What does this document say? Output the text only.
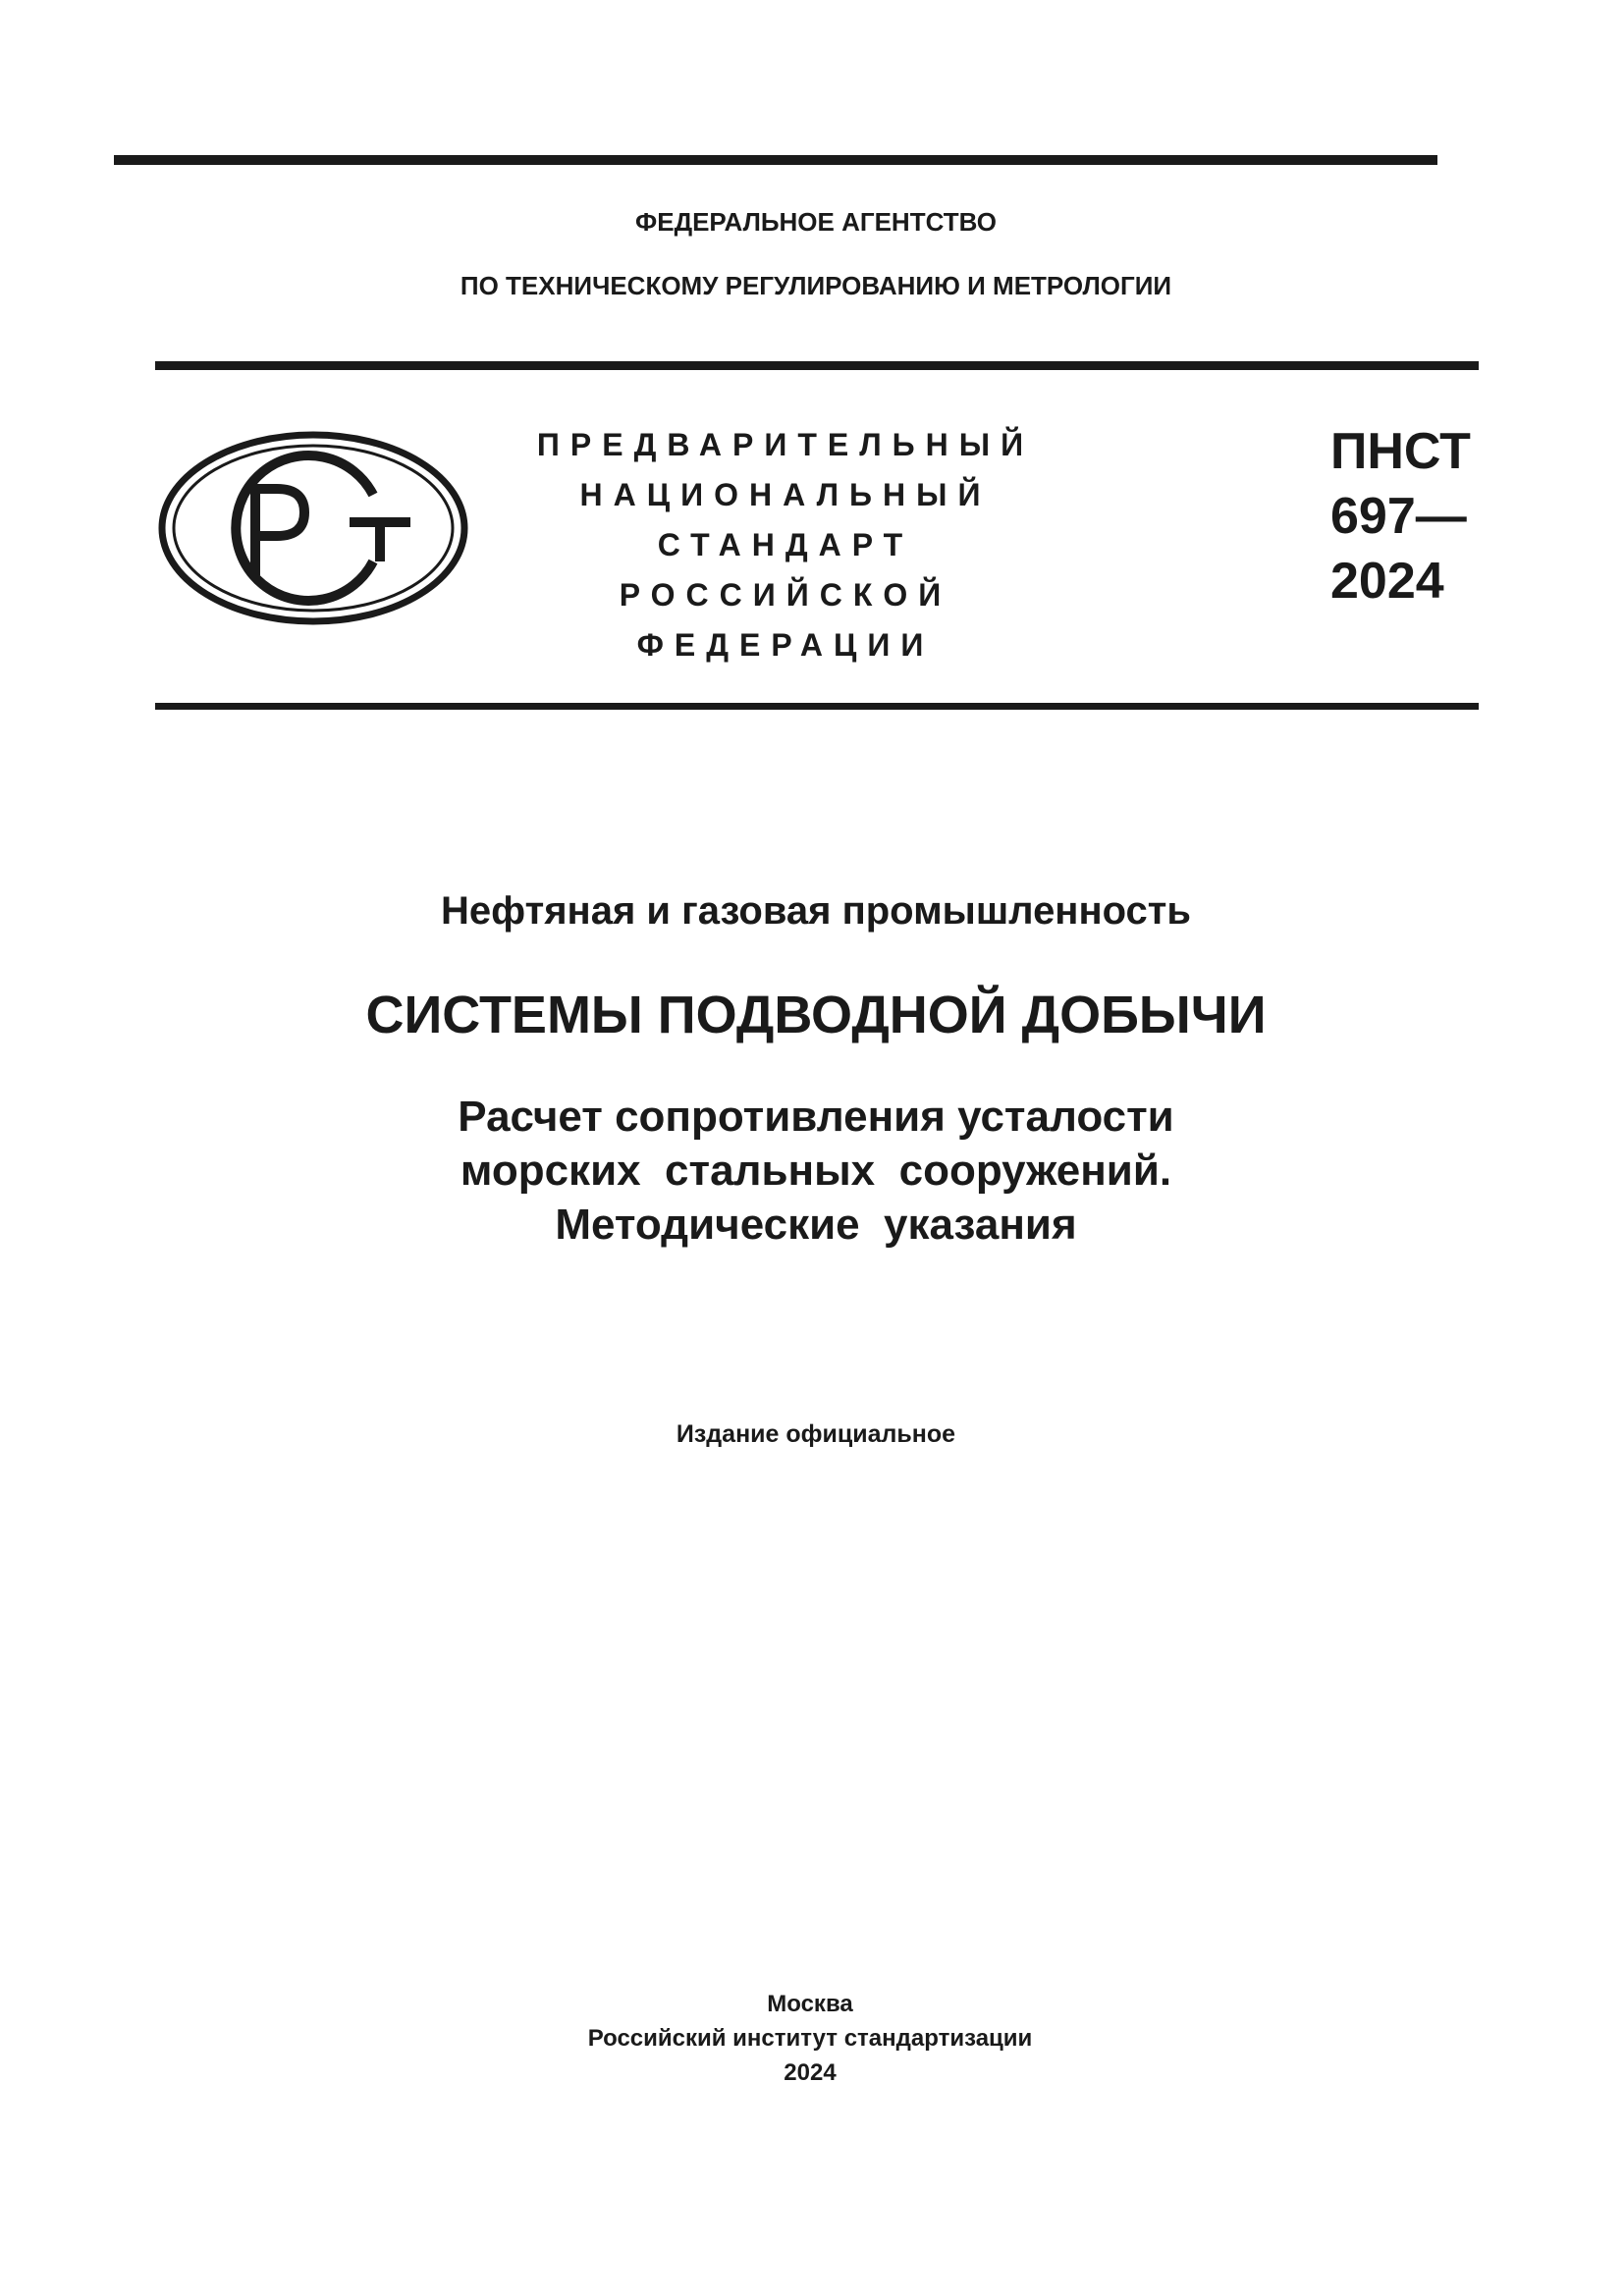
ФЕДЕРАЛЬНОЕ АГЕНТСТВО
ПО ТЕХНИЧЕСКОМУ РЕГУЛИРОВАНИЮ И МЕТРОЛОГИИ
ПРЕДВАРИТЕЛЬНЫЙ
НАЦИОНАЛЬНЫЙ
СТАНДАРТ
РОССИЙСКОЙ
ФЕДЕРАЦИИ
ПНСТ
697—
2024
Нефтяная и газовая промышленность
СИСТЕМЫ ПОДВОДНОЙ ДОБЫЧИ
Расчет сопротивления усталости
морских  стальных  сооружений.
Методические  указания
Издание официальное
Москва
Российский институт стандартизации
2024
